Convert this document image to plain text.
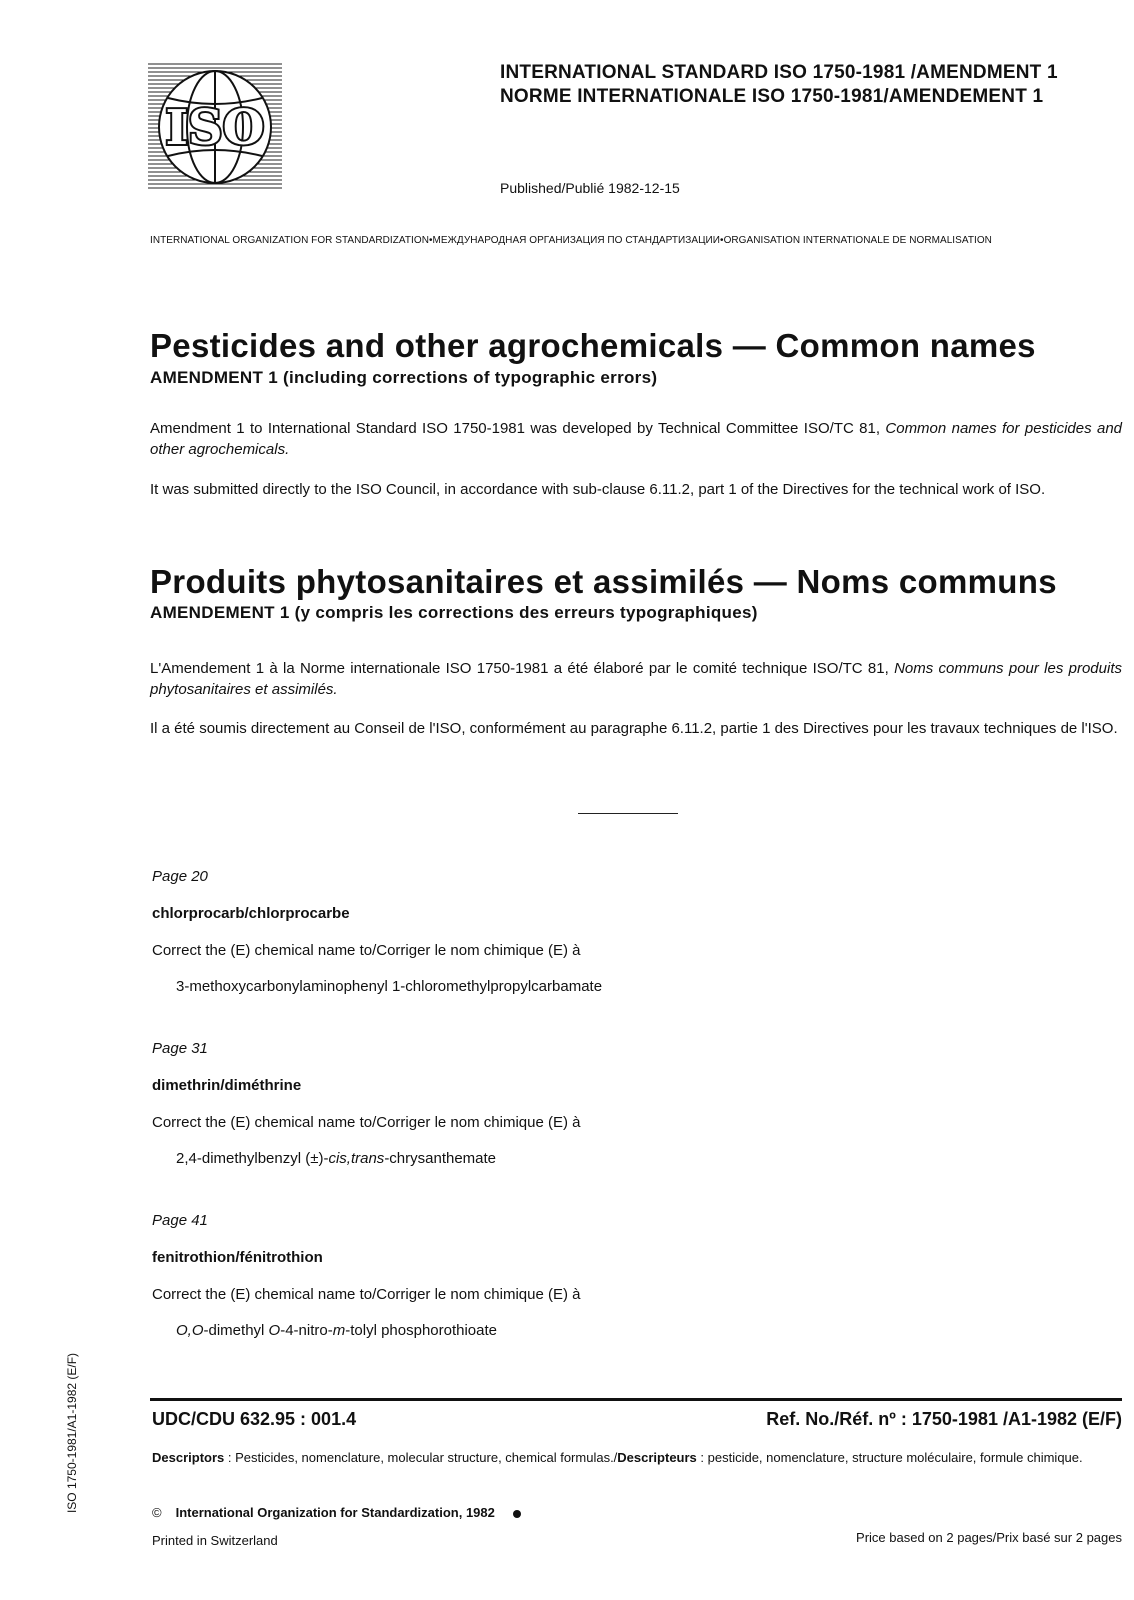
ISO
INTERNATIONAL STANDARD ISO 1750-1981 /AMENDMENT 1
NORME INTERNATIONALE ISO 1750-1981/AMENDEMENT 1
Published/Publié 1982-12-15
INTERNATIONAL ORGANIZATION FOR STANDARDIZATION•МЕЖДУНАРОДНАЯ ОРГАНИЗАЦИЯ ПО СТАНДАРТИЗАЦИИ•ORGANISATION INTERNATIONALE DE NORMALISATION
Pesticides and other agrochemicals — Common names
AMENDMENT 1 (including corrections of typographic errors)
Amendment 1 to International Standard ISO 1750-1981 was developed by Technical Committee ISO/TC 81, Common names for pesticides and other agrochemicals.
It was submitted directly to the ISO Council, in accordance with sub-clause 6.11.2, part 1 of the Directives for the technical work of ISO.
Produits phytosanitaires et assimilés — Noms communs
AMENDEMENT 1 (y compris les corrections des erreurs typographiques)
L'Amendement 1 à la Norme internationale ISO 1750-1981 a été élaboré par le comité technique ISO/TC 81, Noms communs pour les produits phytosanitaires et assimilés.
Il a été soumis directement au Conseil de l'ISO, conformément au paragraphe 6.11.2, partie 1 des Directives pour les travaux techniques de l'ISO.
Page 20
chlorprocarb/chlorprocarbe
Correct the (E) chemical name to/Corriger le nom chimique (E) à
3-methoxycarbonylaminophenyl 1-chloromethylpropylcarbamate
Page 31
dimethrin/diméthrine
Correct the (E) chemical name to/Corriger le nom chimique (E) à
2,4-dimethylbenzyl (±)-cis,trans-chrysanthemate
Page 41
fenitrothion/fénitrothion
Correct the (E) chemical name to/Corriger le nom chimique (E) à
O,O-dimethyl O-4-nitro-m-tolyl phosphorothioate
ISO 1750-1981/A1-1982 (E/F)	UDC/CDU 632.95 : 001.4	Ref. No./Réf. nº : 1750-1981 /A1-1982 (E/F)
Descriptors : Pesticides, nomenclature, molecular structure, chemical formulas./Descripteurs : pesticide, nomenclature, structure moléculaire, formule chimique.
© International Organization for Standardization, 1982
Printed in Switzerland	Price based on 2 pages/Prix basé sur 2 pages
